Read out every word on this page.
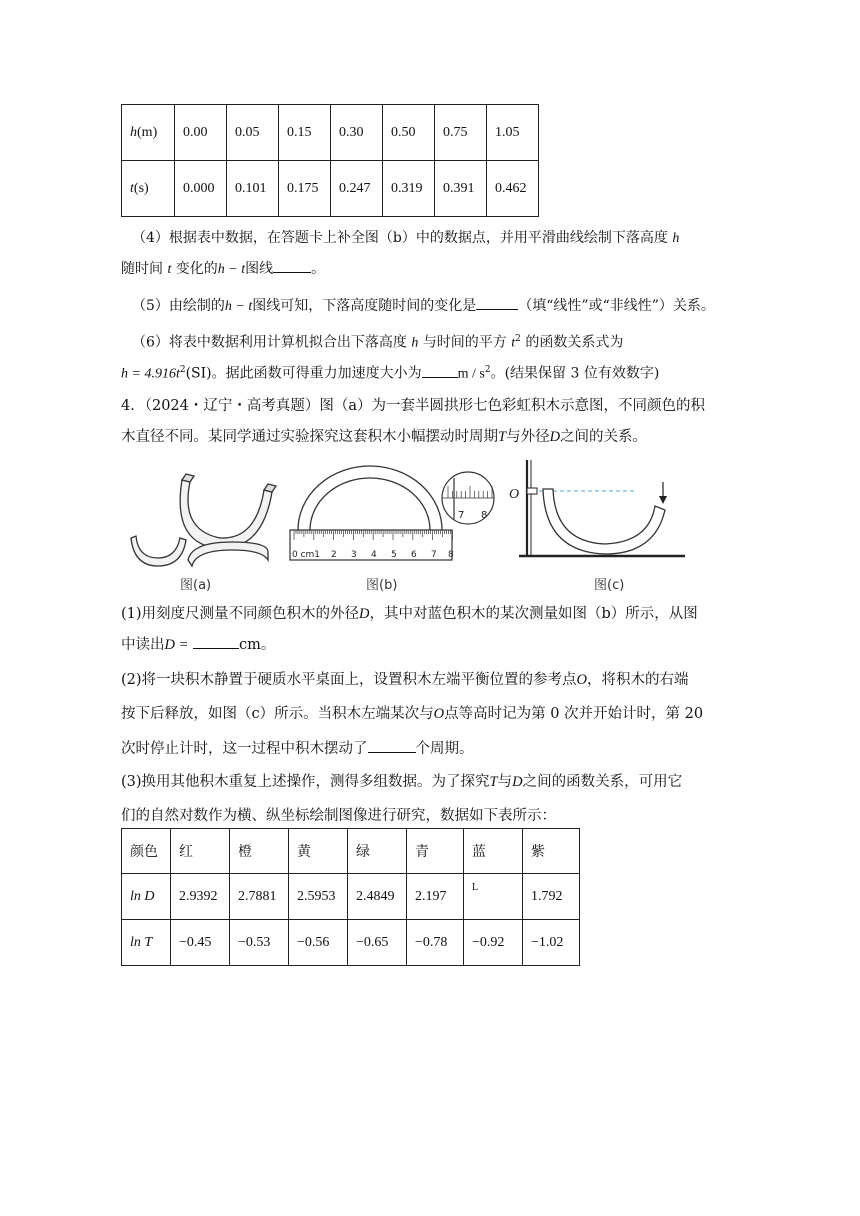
h(m)	0.00	0.05	0.15	0.30	0.50	0.75	1.05
t(s)	0.000	0.101	0.175	0.247	0.319	0.391	0.462
（4）根据表中数据，在答题卡上补全图（b）中的数据点，并用平滑曲线绘制下落高度 h
随时间 t 变化的h − t图线	。
（5）由绘制的h − t图线可知，下落高度随时间的变化是	（填“线性”或“非线性”）关系。
（6）将表中数据利用计算机拟合出下落高度 h 与时间的平方 $t^2$ 的函数关系式为
$h = 4.916t^2(SI)$。据此函数可得重力加速度大小为	m / $s^2$。(结果保留 3 位有效数字)
4．（2024・辽宁・高考真题）图（a）为一套半圆拱形七色彩虹积木示意图，不同颜色的积
木直径不同。某同学通过实验探究这套积木小幅摆动时周期T与外径D之间的关系。
图(a)
0 cm1 2 3 4 5 6 7 8
7 8
图(b)
O
图(c)
(1)用刻度尺测量不同颜色积木的外径D，其中对蓝色积木的某次测量如图（b）所示，从图
中读出D =	cm。
(2)将一块积木静置于硬质水平桌面上，设置积木左端平衡位置的参考点O，将积木的右端
按下后释放，如图（c）所示。当积木左端某次与O点等高时记为第 0 次并开始计时，第 20
次时停止计时，这一过程中积木摆动了	个周期。
(3)换用其他积木重复上述操作，测得多组数据。为了探究T与D之间的函数关系，可用它
们的自然对数作为横、纵坐标绘制图像进行研究，数据如下表所示：
颜色	红	橙	黄	绿	青	蓝	紫
ln D	2.9392	2.7881	2.5953	2.4849	2.197	L	1.792
ln T	−0.45	−0.53	−0.56	−0.65	−0.78	−0.92	−1.02
